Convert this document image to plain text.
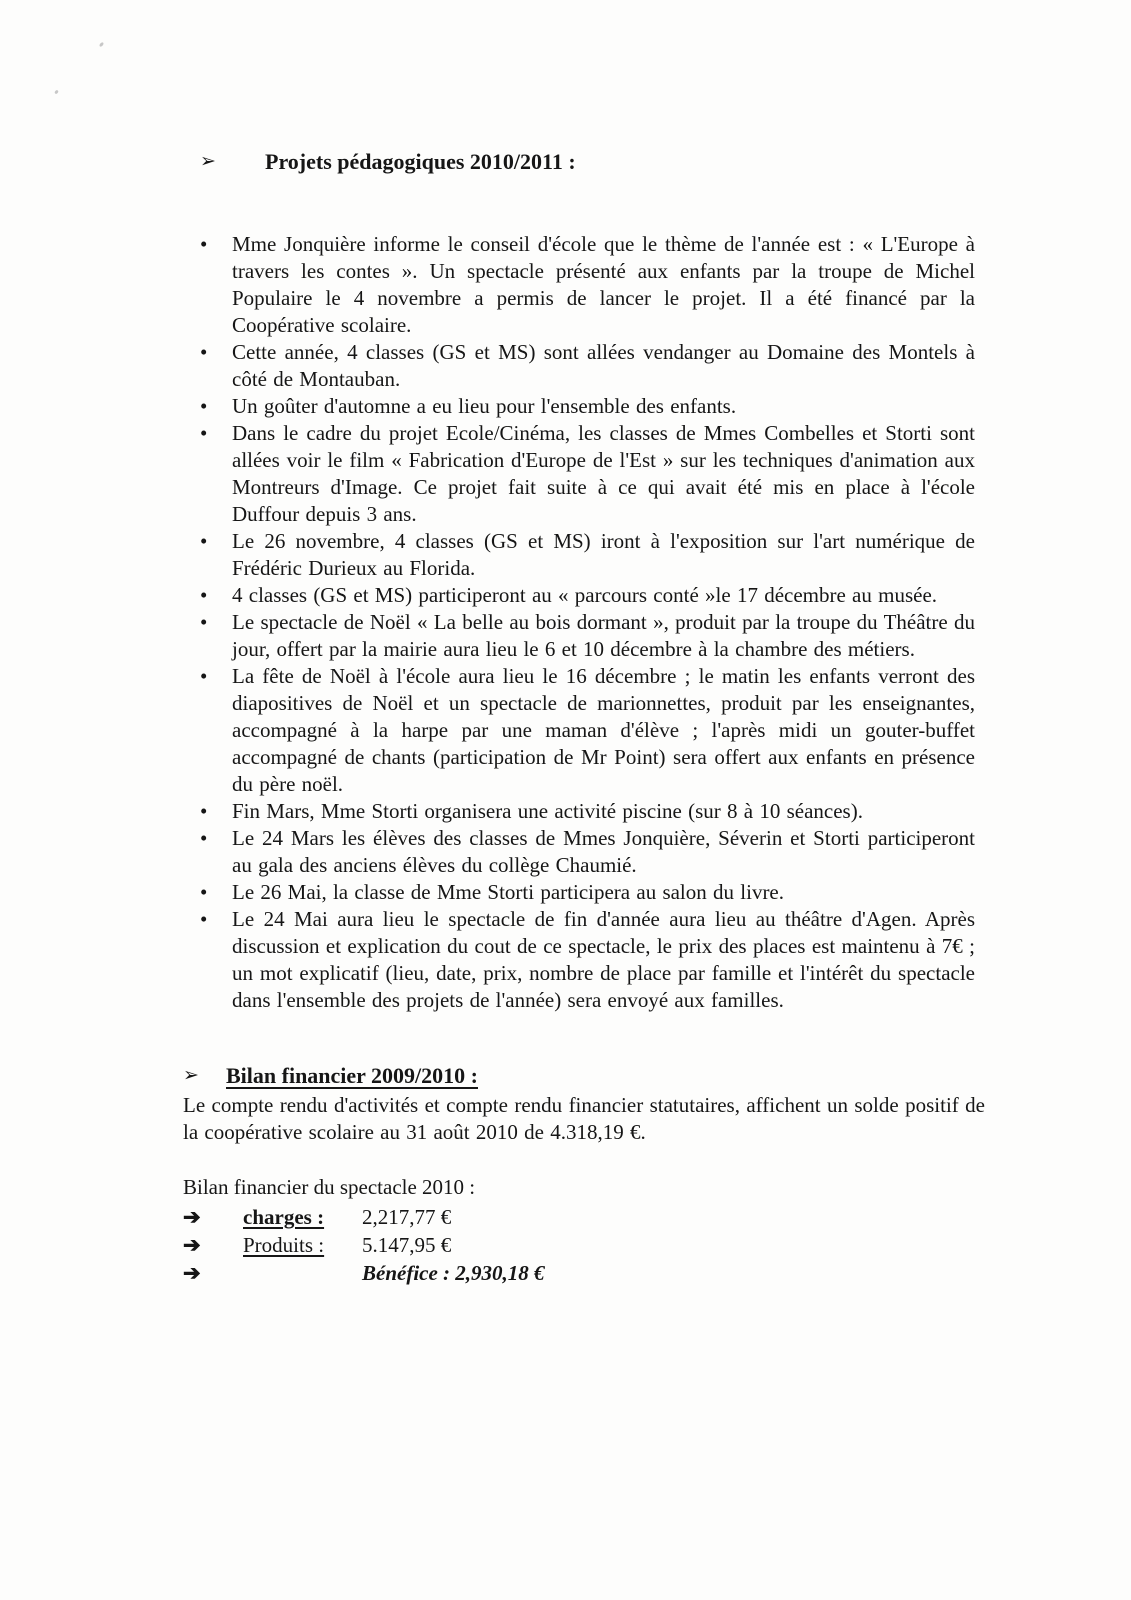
➢	Projets pédagogiques 2010/2011 :
•	Mme Jonquière informe le conseil d'école que le thème de l'année est : « L'Europe à travers les contes ». Un spectacle présenté aux enfants par la troupe de Michel Populaire le 4 novembre a permis de lancer le projet. Il a été financé par la Coopérative scolaire.
•	Cette année, 4 classes (GS et MS) sont allées vendanger au Domaine des Montels à côté de Montauban.
•	Un goûter d'automne a eu lieu pour l'ensemble des enfants.
•	Dans le cadre du projet Ecole/Cinéma, les classes de Mmes Combelles et Storti sont allées voir le film « Fabrication d'Europe de l'Est » sur les techniques d'animation aux Montreurs d'Image. Ce projet fait suite à ce qui avait été mis en place à l'école Duffour depuis 3 ans.
•	Le 26 novembre, 4 classes (GS et MS) iront à l'exposition sur l'art numérique de Frédéric Durieux au Florida.
•	4 classes (GS et MS) participeront au « parcours conté »le 17 décembre au musée.
•	Le spectacle de Noël « La belle au bois dormant », produit par la troupe du Théâtre du jour, offert par la mairie aura lieu le 6 et 10 décembre à la chambre des métiers.
•	La fête de Noël à l'école aura lieu le 16 décembre ; le matin les enfants verront des diapositives de Noël et un spectacle de marionnettes, produit par les enseignantes, accompagné à la harpe par une maman d'élève ; l'après midi un gouter-buffet accompagné de chants (participation de Mr Point) sera offert aux enfants en présence du père noël.
•	Fin Mars, Mme Storti organisera une activité piscine (sur 8 à 10 séances).
•	Le 24 Mars les élèves des classes de Mmes Jonquière, Séverin et Storti participeront au gala des anciens élèves du collège Chaumié.
•	Le 26 Mai, la classe de Mme Storti participera au salon du livre.
•	Le 24 Mai aura lieu le spectacle de fin d'année aura lieu au théâtre d'Agen. Après discussion et explication du cout de ce spectacle, le prix des places est maintenu à 7€ ; un mot explicatif (lieu, date, prix, nombre de place par famille et l'intérêt du spectacle dans l'ensemble des projets de l'année) sera envoyé aux familles.
➢	Bilan financier 2009/2010 :

Le compte rendu d'activités et compte rendu financier statutaires, affichent un solde positif de la coopérative scolaire au 31 août 2010 de 4.318,19 €.

Bilan financier du spectacle 2010 :

➔	charges :	2,217,77 €
➔	Produits :	5.147,95 €
➔	Bénéfice : 2,930,18 €
